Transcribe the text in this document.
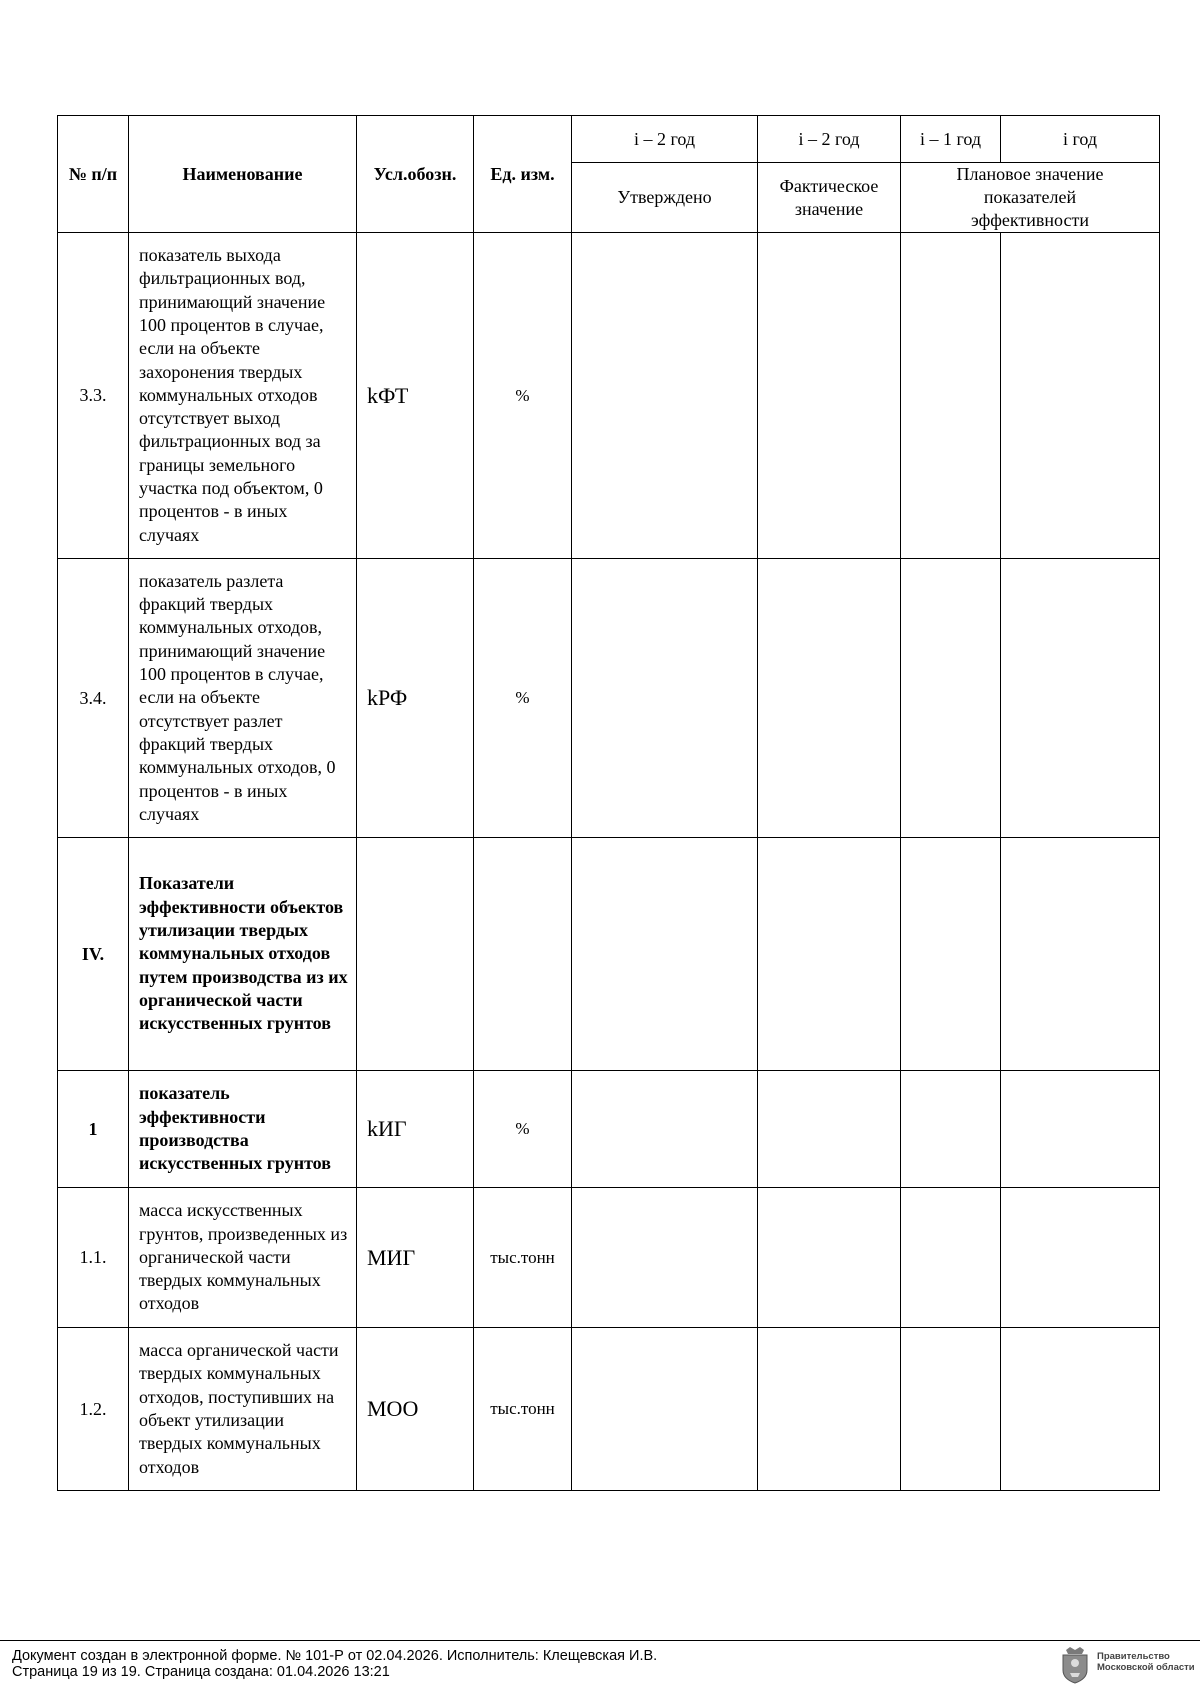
№ п/п	Наименование	Усл.обозн.	Ед. изм.	i – 2 год	i – 2 год	i – 1 год	i год
				Утверждено	Фактическое значение	Плановое значение показателей эффективности	
3.3.	показатель выхода фильтрационных вод, принимающий значение 100 процентов в случае, если на объекте захоронения твердых коммунальных отходов отсутствует выход фильтрационных вод за границы земельного участка под объектом, 0 процентов - в иных случаях	kФТ	%				
3.4.	показатель разлета фракций твердых коммунальных отходов, принимающий значение 100 процентов в случае, если на объекте отсутствует разлет фракций твердых коммунальных отходов, 0 процентов - в иных случаях	kРФ	%				
IV.	Показатели эффективности объектов утилизации твердых коммунальных отходов путем производства из их органической части искусственных грунтов						
1	показатель эффективности производства искусственных грунтов	kИГ	%				
1.1.	масса искусственных грунтов, произведенных из органической части твердых коммунальных отходов	МИГ	тыс.тонн				
1.2.	масса органической части твердых коммунальных отходов, поступивших на объект утилизации твердых коммунальных отходов	МОО	тыс.тонн				
Документ создан в электронной форме. № 101-Р от 02.04.2026. Исполнитель: Клещевская И.В.
Страница 19 из 19. Страница создана: 01.04.2026 13:21
Правительство
Московской области
